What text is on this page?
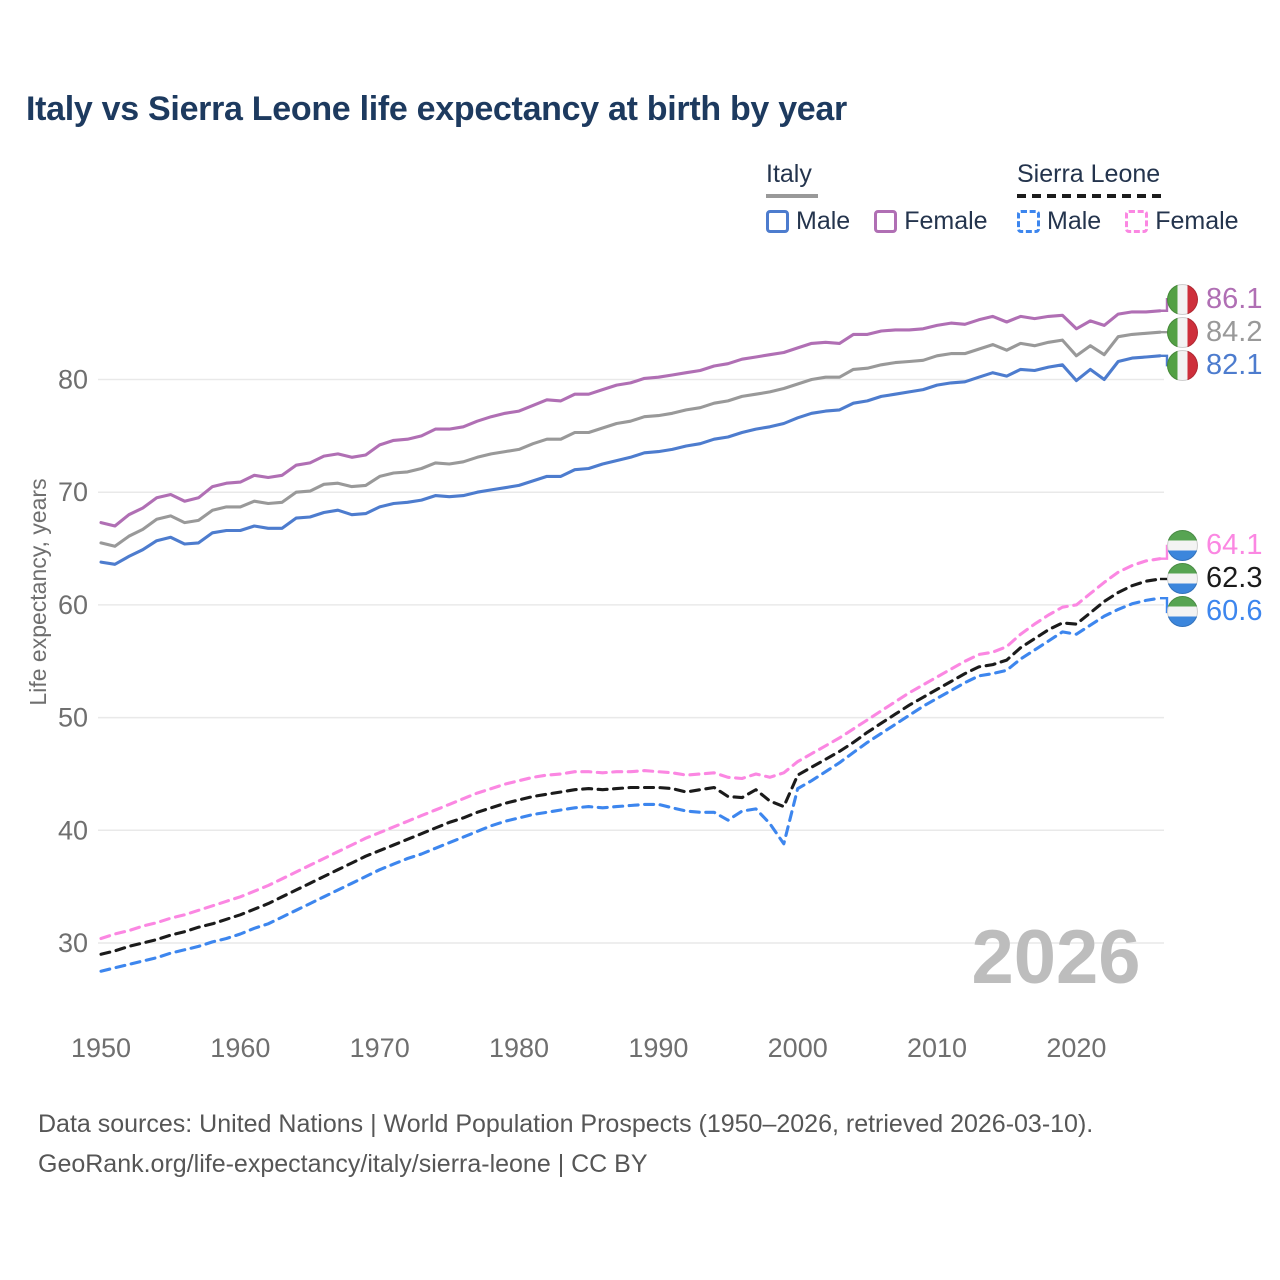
2026
30
40
50
60
70
80
1950	1960	1970	1980	1990	2000	2010	2020
Life expectancy, years
Italy vs Sierra Leone life expectancy at birth by year
Italy
Male Female
Sierra Leone
Male Female
86.1
84.2
82.1
64.1
62.3
60.6
Data sources: United Nations | World Population Prospects (1950–2026, retrieved 2026-03-10).
GeoRank.org/life-expectancy/italy/sierra-leone | CC BY
